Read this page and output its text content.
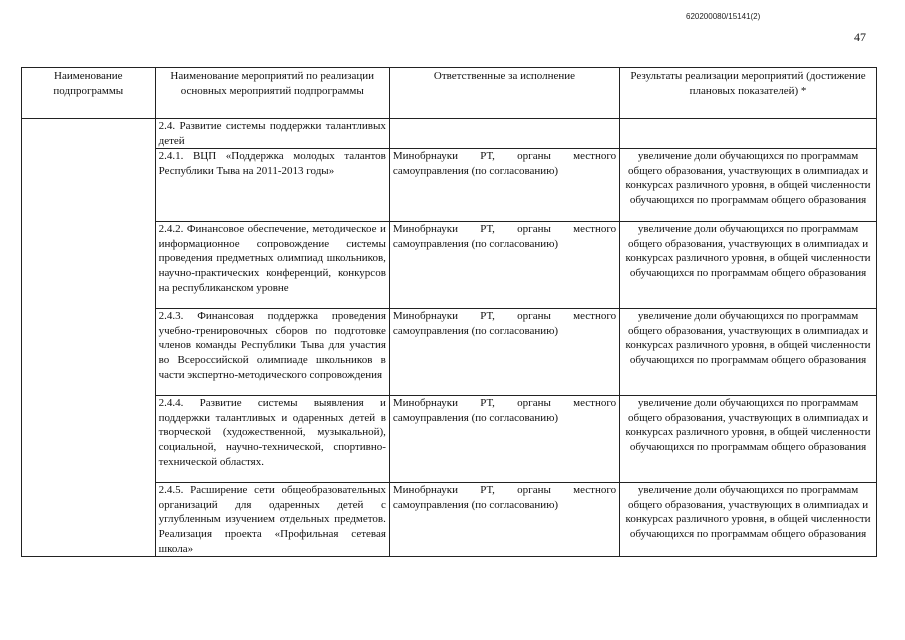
620200080/15141(2)
47
Наименование подпрограммы	Наименование мероприятий по реализации основных мероприятий подпрограммы	Ответственные за исполнение	Результаты реализации мероприятий (достижение плановых показателей) *
	2.4. Развитие системы поддержки талантливых детей		
	2.4.1. ВЦП «Поддержка молодых талантов Республики Тыва на 2011-2013 годы»	Минобрнауки РТ, органы местного самоуправления (по согласованию)	увеличение доли обучающихся по программам общего образования, участвующих в олимпиадах и конкурсах различного уровня, в общей численности обучающихся по программам общего образования
	2.4.2. Финансовое обеспечение, методическое и информационное сопровождение системы проведения предметных олимпиад школьников, научно-практических конференций, конкурсов на республиканском уровне	Минобрнауки РТ, органы местного самоуправления (по согласованию)	увеличение доли обучающихся по программам общего образования, участвующих в олимпиадах и конкурсах различного уровня, в общей численности обучающихся по программам общего образования
	2.4.3. Финансовая поддержка проведения учебно-тренировочных сборов по подготовке членов команды Республики Тыва для участия во Всероссийской олимпиаде школьников в части экспертно-методического сопровождения	Минобрнауки РТ, органы местного самоуправления (по согласованию)	увеличение доли обучающихся по программам общего образования, участвующих в олимпиадах и конкурсах различного уровня, в общей численности обучающихся по программам общего образования
	2.4.4. Развитие системы выявления и поддержки талантливых и одаренных детей в творческой (художественной, музыкальной), социальной, научно-технической, спортивно-технической областях.	Минобрнауки РТ, органы местного самоуправления (по согласованию)	увеличение доли обучающихся по программам общего образования, участвующих в олимпиадах и конкурсах различного уровня, в общей численности обучающихся по программам общего образования
	2.4.5. Расширение сети общеобразовательных организаций для одаренных детей с углубленным изучением отдельных предметов. Реализация проекта «Профильная сетевая школа»	Минобрнауки РТ, органы местного самоуправления (по согласованию)	увеличение доли обучающихся по программам общего образования, участвующих в олимпиадах и конкурсах различного уровня, в общей численности обучающихся по программам общего образования
